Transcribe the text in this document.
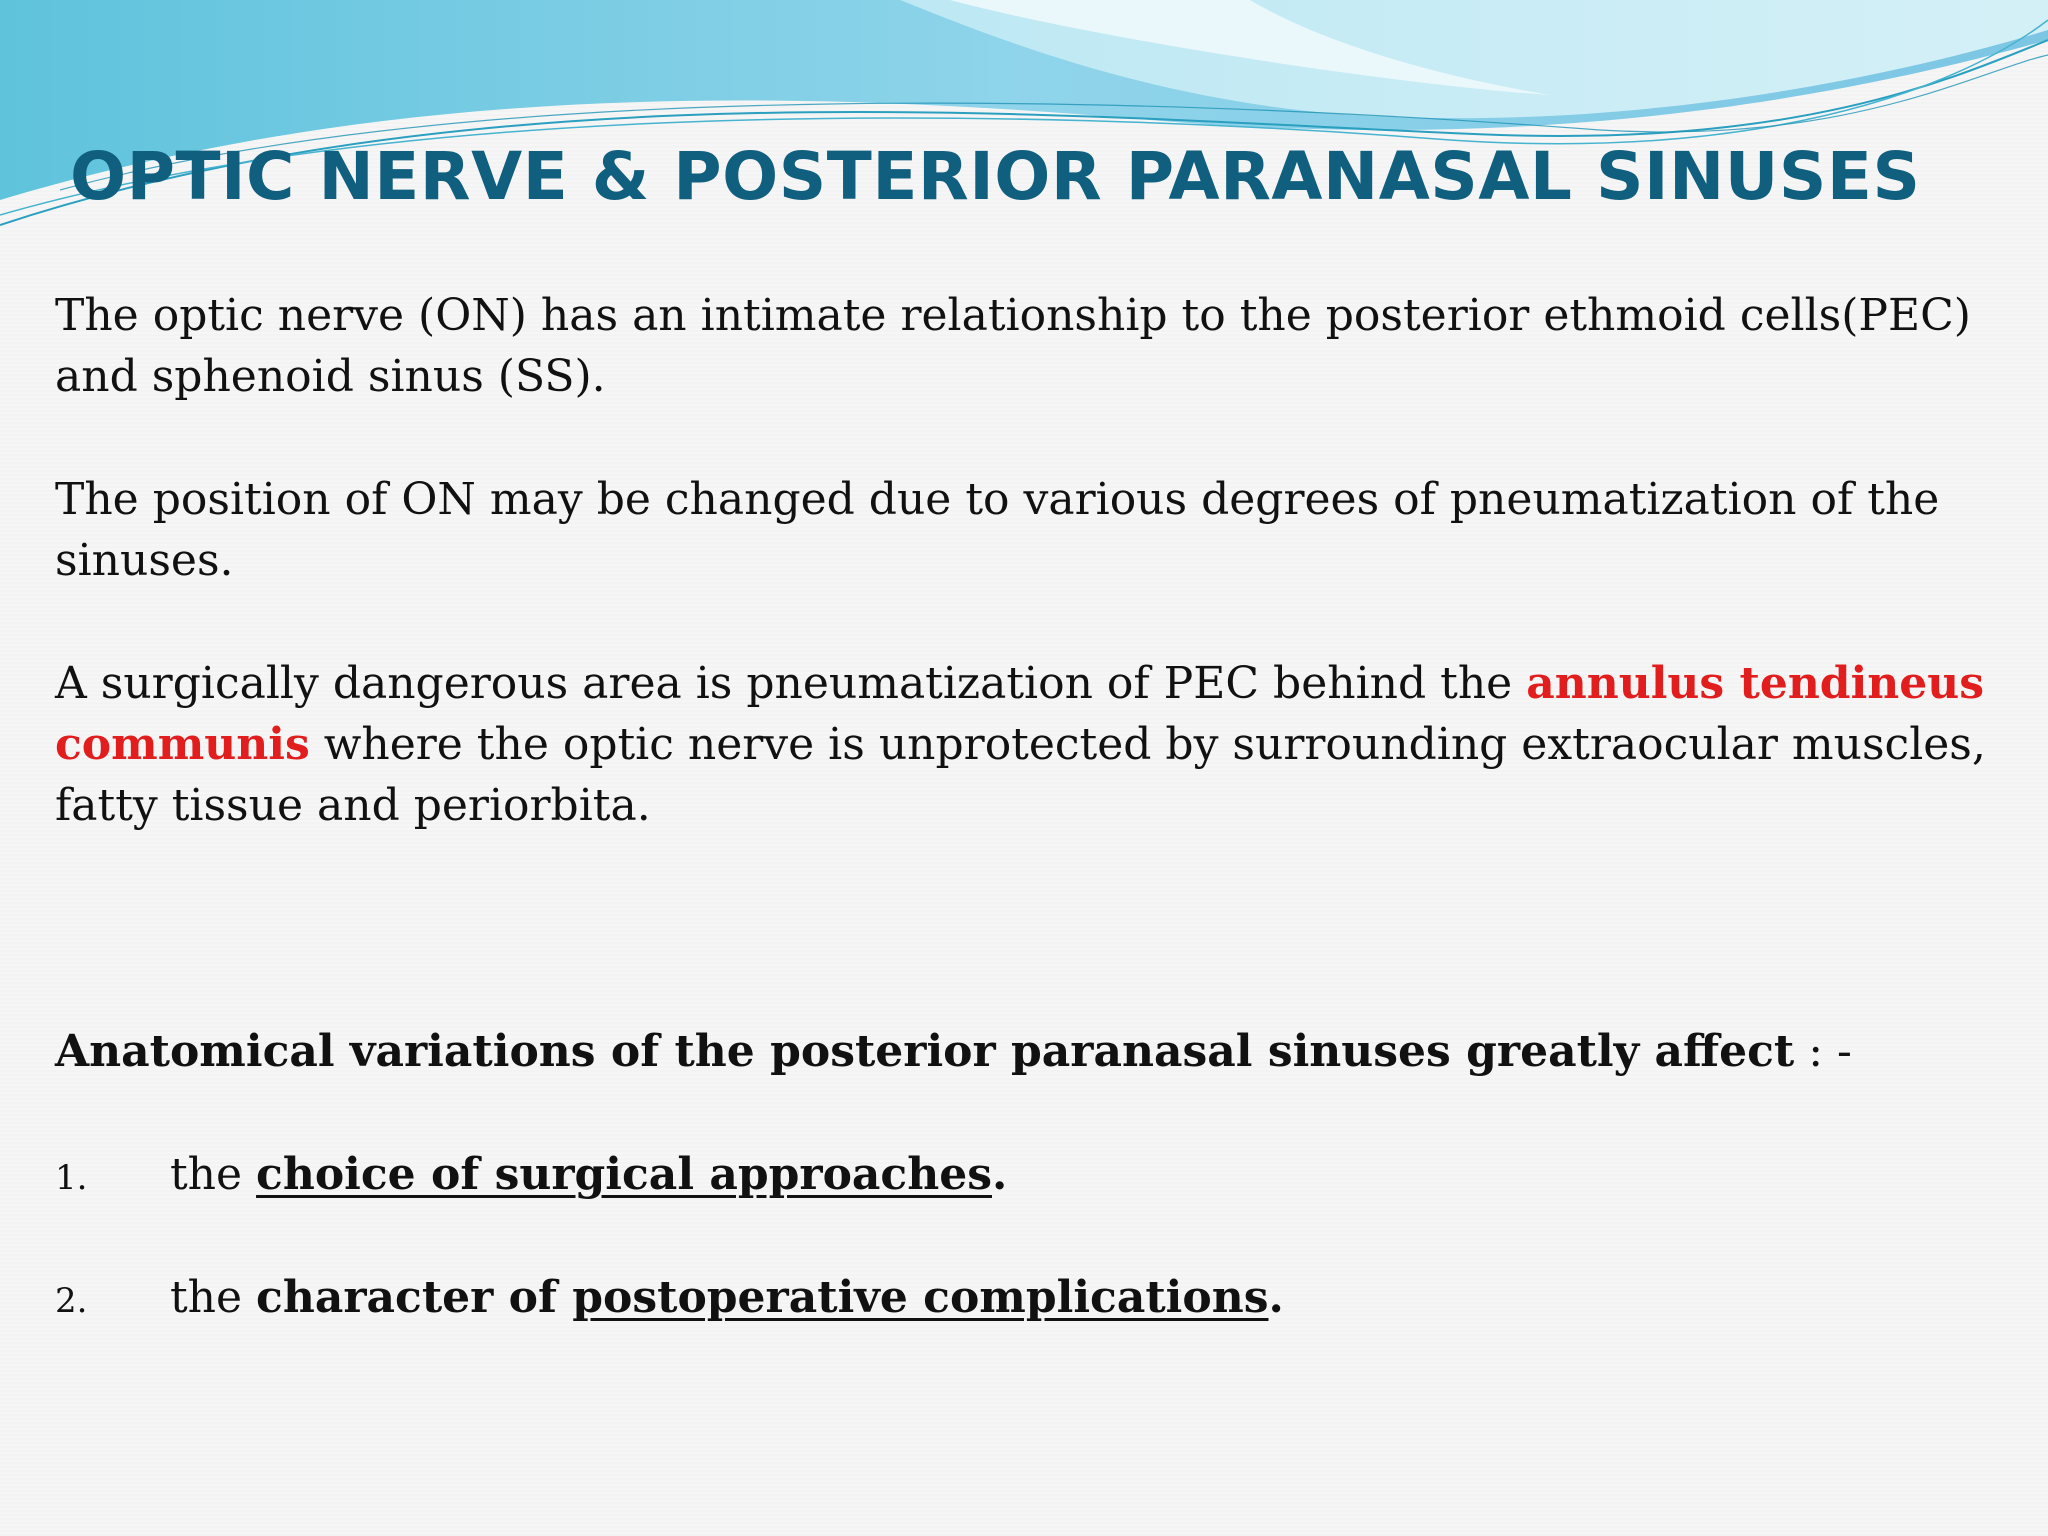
OPTIC NERVE & POSTERIOR PARANASAL SINUSES

The optic nerve (ON) has an intimate relationship to the posterior ethmoid cells(PEC) and sphenoid sinus (SS).

The position of ON may be changed due to various degrees of pneumatization of the sinuses.

A surgically dangerous area is pneumatization of PEC behind the annulus tendineus communis where the optic nerve is unprotected by surrounding extraocular muscles, fatty tissue and periorbita.

Anatomical variations of the posterior paranasal sinuses greatly affect : -

1. the choice of surgical approaches.
2. the character of postoperative complications.
